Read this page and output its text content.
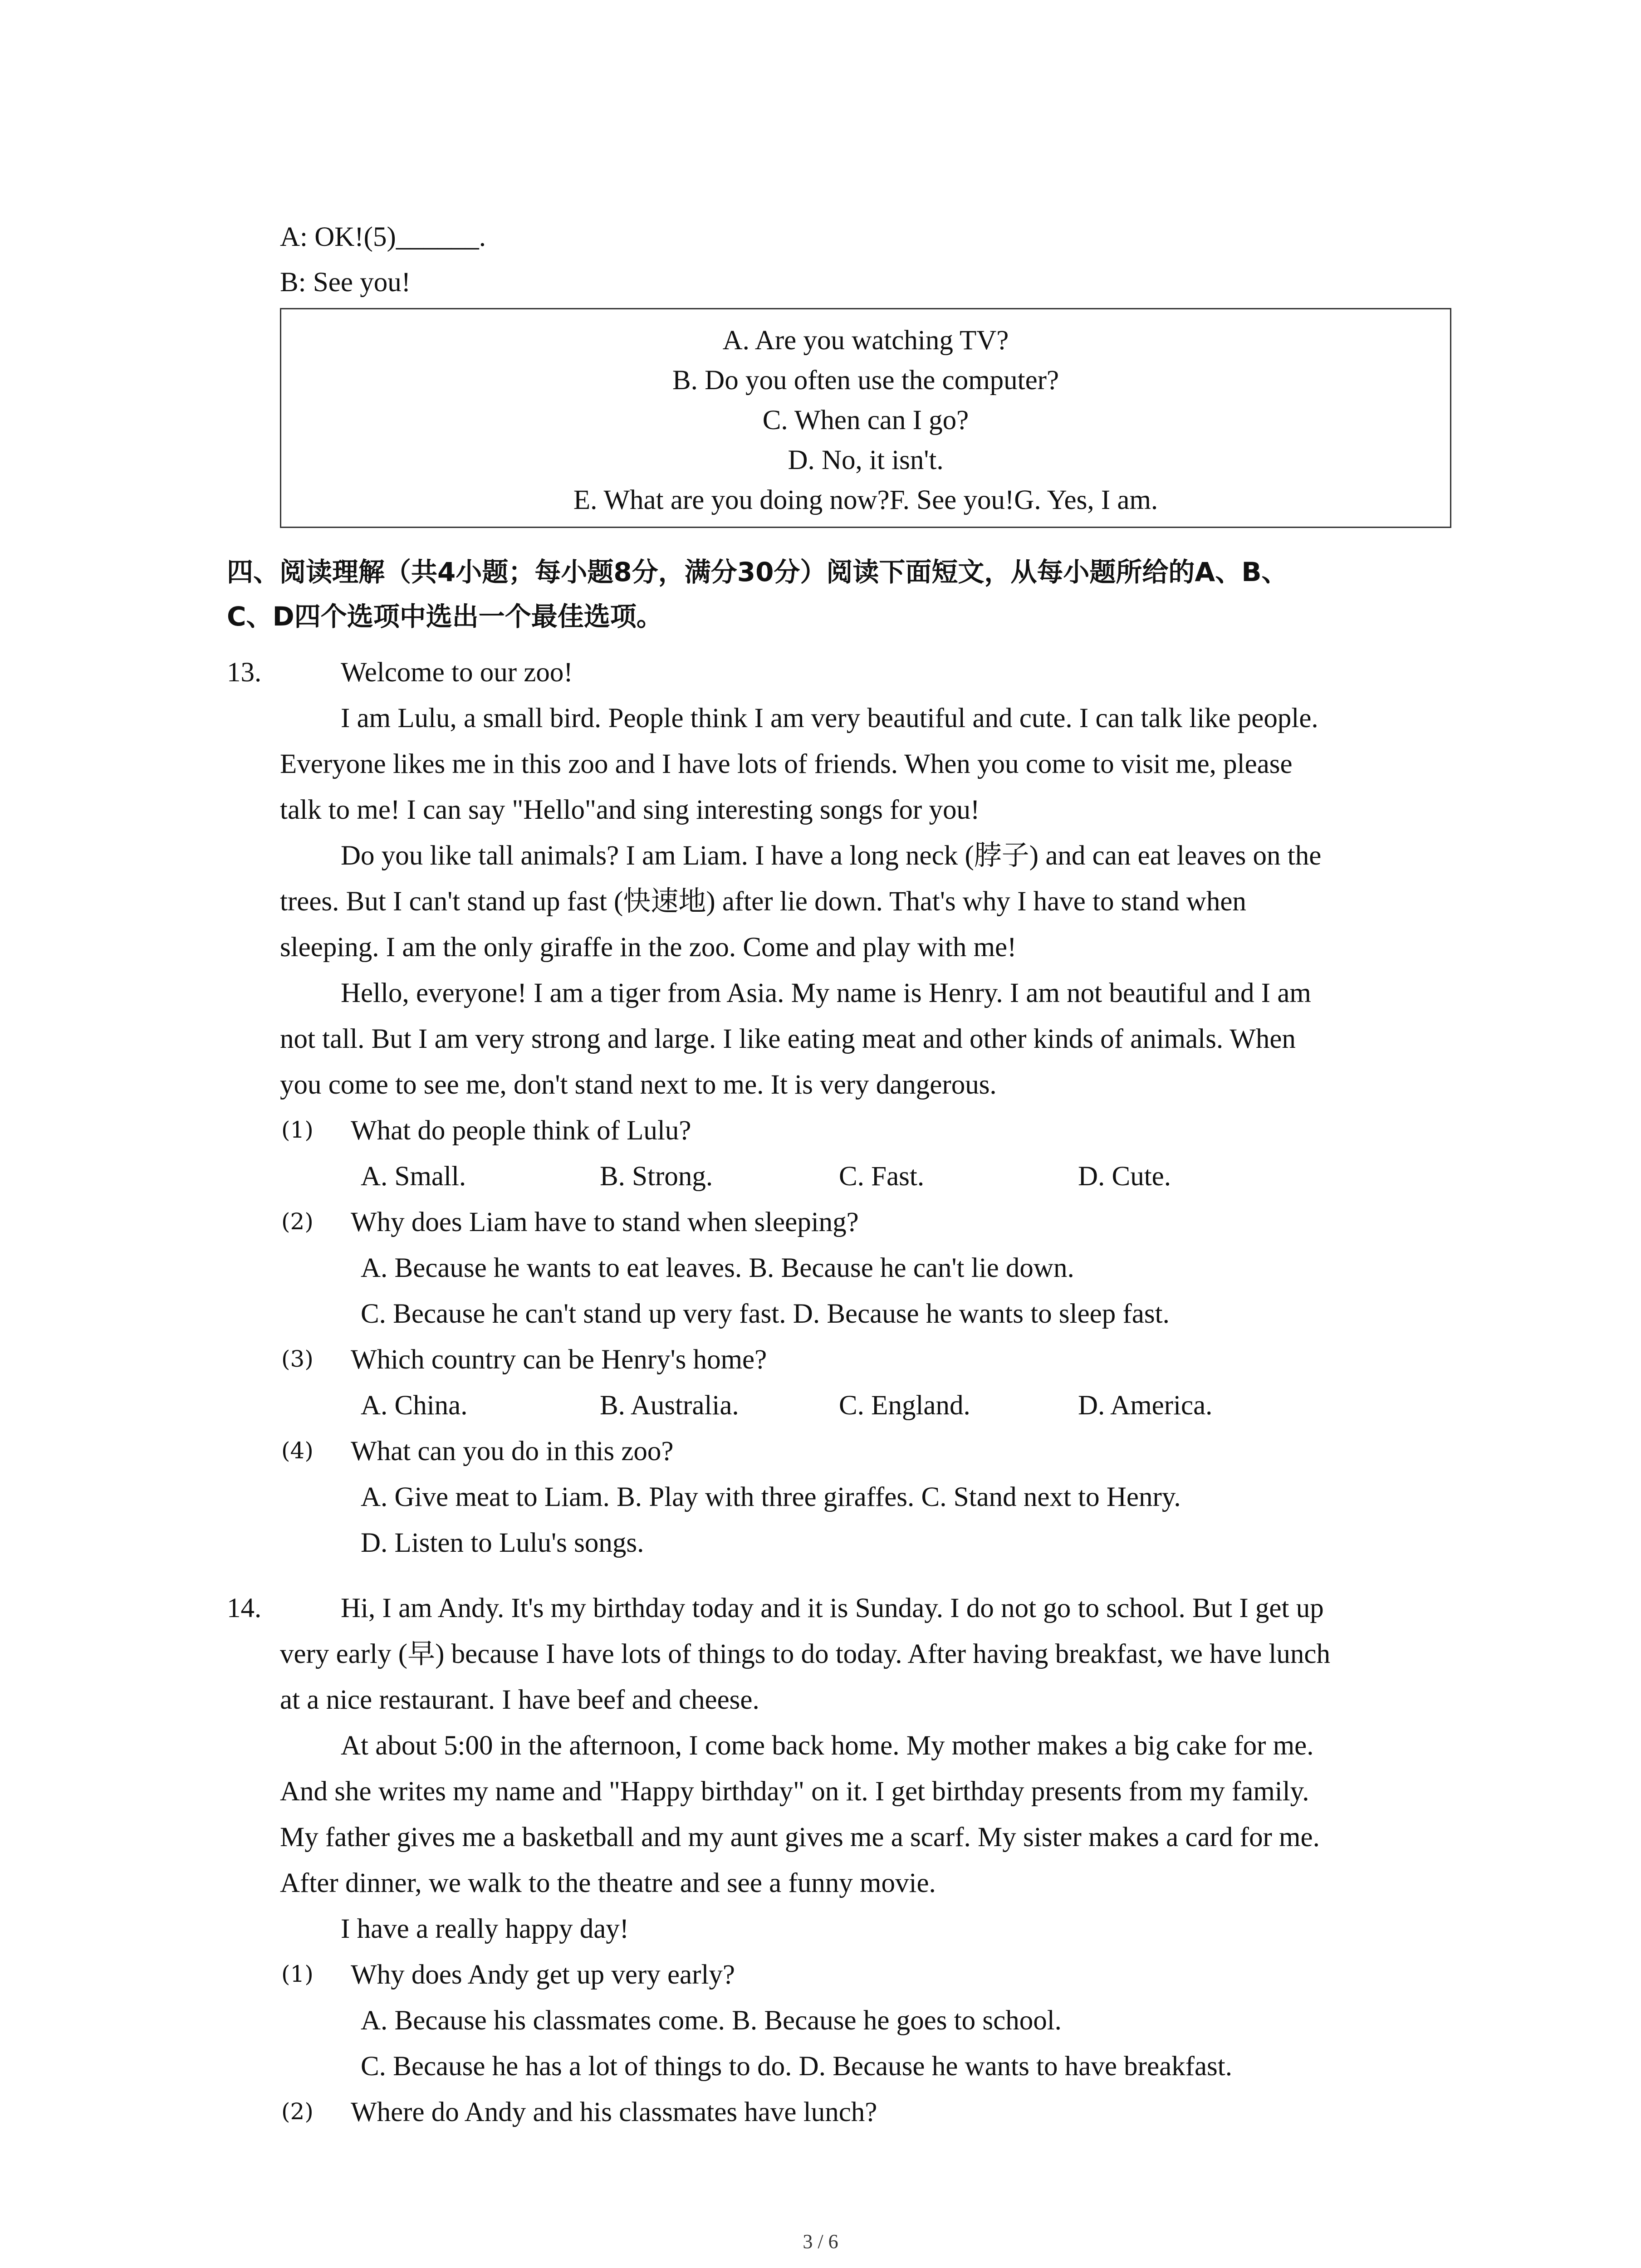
A: OK!(5)______.
B: See you!
A. Are you watching TV?
B. Do you often use the computer?
C. When can I go?
D. No, it isn't.
E. What are you doing now?F. See you!G. Yes, I am.
四、阅读理解（共4小题；每小题8分，满分30分）阅读下面短文，从每小题所给的A、B、
C、D四个选项中选出一个最佳选项。
13.	Welcome to our zoo!
I am Lulu, a small bird. People think I am very beautiful and cute. I can talk like people.
Everyone likes me in this zoo and I have lots of friends. When you come to visit me, please
talk to me! I can say "Hello"and sing interesting songs for you!
Do you like tall animals? I am Liam. I have a long neck (脖子) and can eat leaves on the
trees. But I can't stand up fast (快速地) after lie down. That's why I have to stand when
sleeping. I am the only giraffe in the zoo. Come and play with me!
Hello, everyone! I am a tiger from Asia. My name is Henry. I am not beautiful and I am
not tall. But I am very strong and large. I like eating meat and other kinds of animals. When
you come to see me, don't stand next to me. It is very dangerous.
(1) What do people think of Lulu?
A. Small.	B. Strong.	C. Fast.	D. Cute.
(2) Why does Liam have to stand when sleeping?
A. Because he wants to eat leaves. B. Because he can't lie down.
C. Because he can't stand up very fast. D. Because he wants to sleep fast.
(3) Which country can be Henry's home?
A. China.	B. Australia.	C. England.	D. America.
(4) What can you do in this zoo?
A. Give meat to Liam. B. Play with three giraffes. C. Stand next to Henry.
D. Listen to Lulu's songs.
14.	Hi, I am Andy. It's my birthday today and it is Sunday. I do not go to school. But I get up
very early (早) because I have lots of things to do today. After having breakfast, we have lunch
at a nice restaurant. I have beef and cheese.
At about 5:00 in the afternoon, I come back home. My mother makes a big cake for me.
And she writes my name and "Happy birthday" on it. I get birthday presents from my family.
My father gives me a basketball and my aunt gives me a scarf. My sister makes a card for me.
After dinner, we walk to the theatre and see a funny movie.
I have a really happy day!
(1) Why does Andy get up very early?
A. Because his classmates come. B. Because he goes to school.
C. Because he has a lot of things to do. D. Because he wants to have breakfast.
(2) Where do Andy and his classmates have lunch?
3 / 6
